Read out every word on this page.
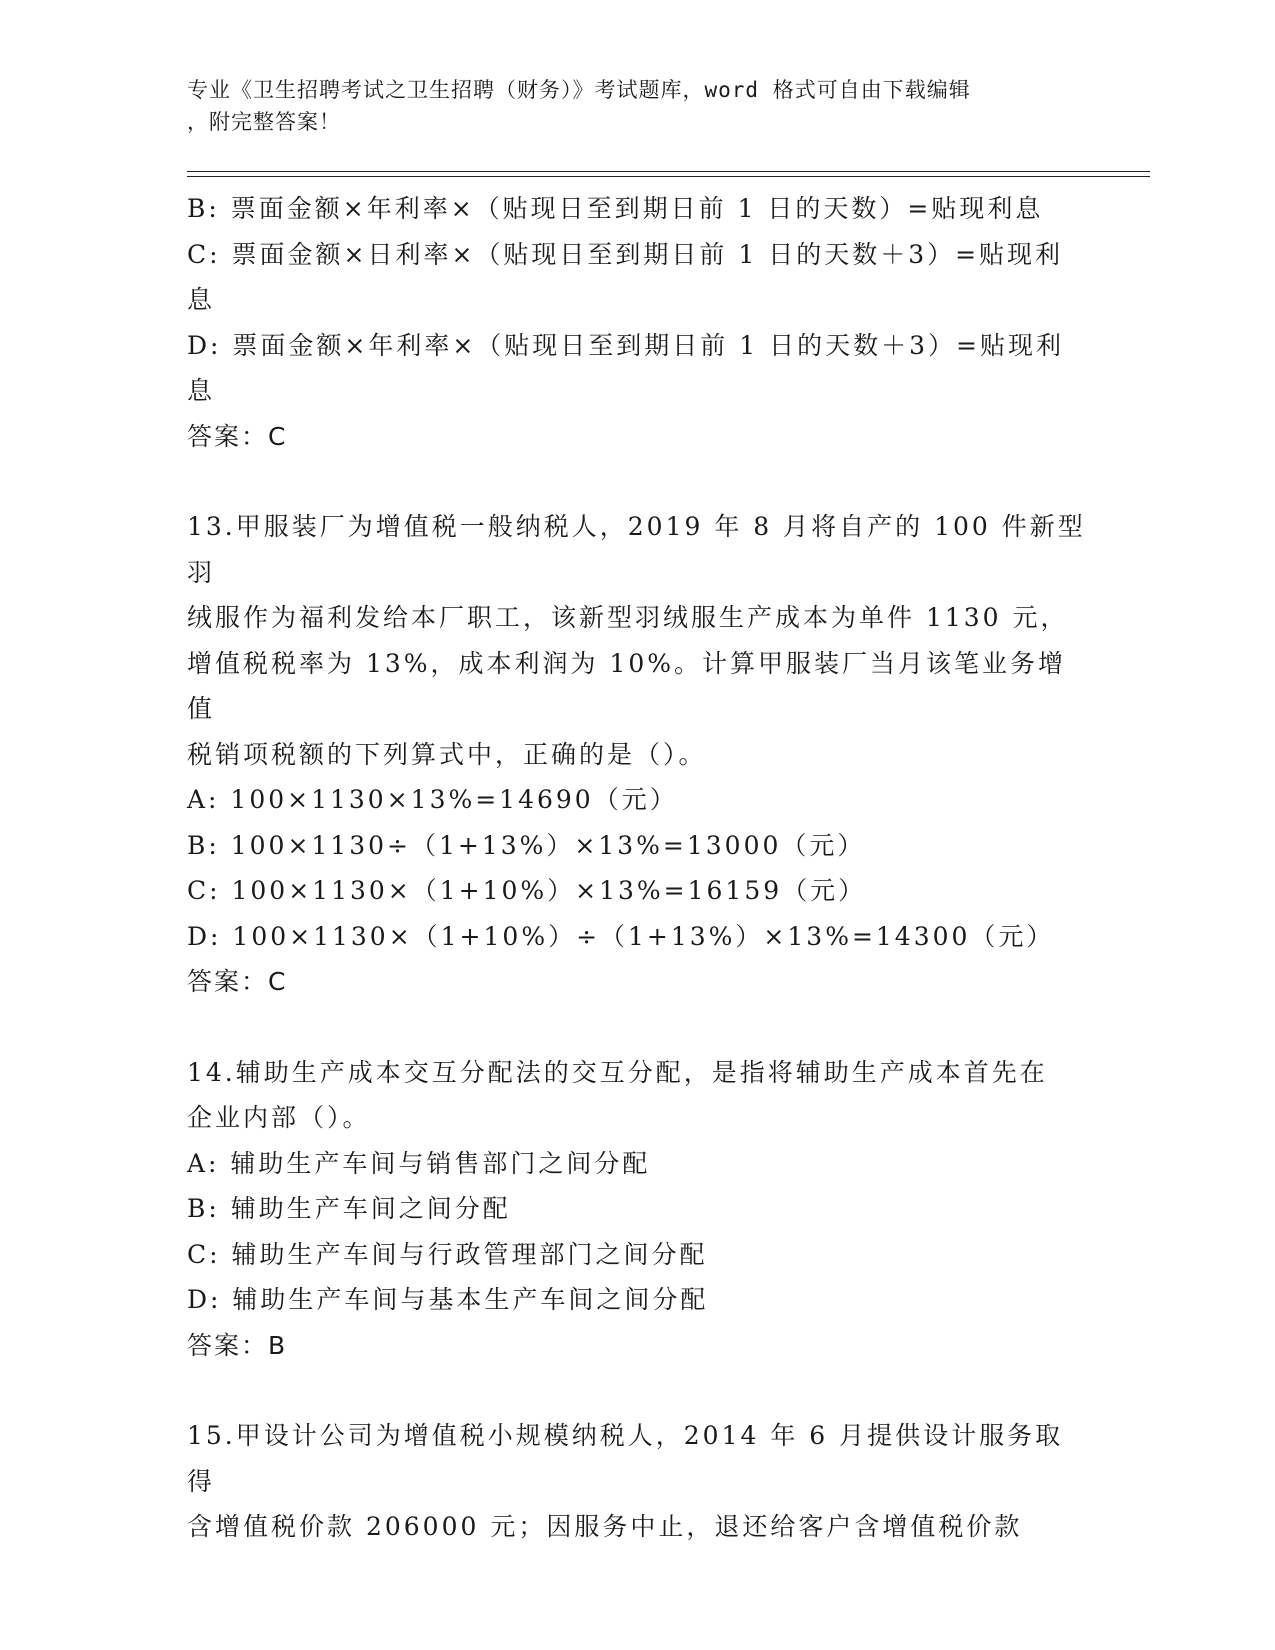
专业《卫生招聘考试之卫生招聘（财务）》考试题库，word 格式可自由下载编辑
，附完整答案！

B: 票面金额×年利率×（贴现日至到期日前 1 日的天数）=贴现利息

C: 票面金额×日利率×（贴现日至到期日前 1 日的天数＋3）=贴现利

息

D: 票面金额×年利率×（贴现日至到期日前 1 日的天数＋3）=贴现利

息

答案：C

13.甲服装厂为增值税一般纳税人，2019 年 8 月将自产的 100 件新型羽

绒服作为福利发给本厂职工，该新型羽绒服生产成本为单件 1130 元，

增值税税率为 13%，成本利润为 10%。计算甲服装厂当月该笔业务增值

税销项税额的下列算式中，正确的是（）。

A: 100×1130×13%=14690（元）

B: 100×1130÷（1+13%）×13%=13000（元）

C: 100×1130×（1+10%）×13%=16159（元）

D: 100×1130×（1+10%）÷（1+13%）×13%=14300（元）

答案：C

14.辅助生产成本交互分配法的交互分配，是指将辅助生产成本首先在

企业内部（）。

A: 辅助生产车间与销售部门之间分配

B: 辅助生产车间之间分配

C: 辅助生产车间与行政管理部门之间分配

D: 辅助生产车间与基本生产车间之间分配

答案：B

15.甲设计公司为增值税小规模纳税人，2014 年 6 月提供设计服务取得

含增值税价款 206000 元；因服务中止，退还给客户含增值税价款
